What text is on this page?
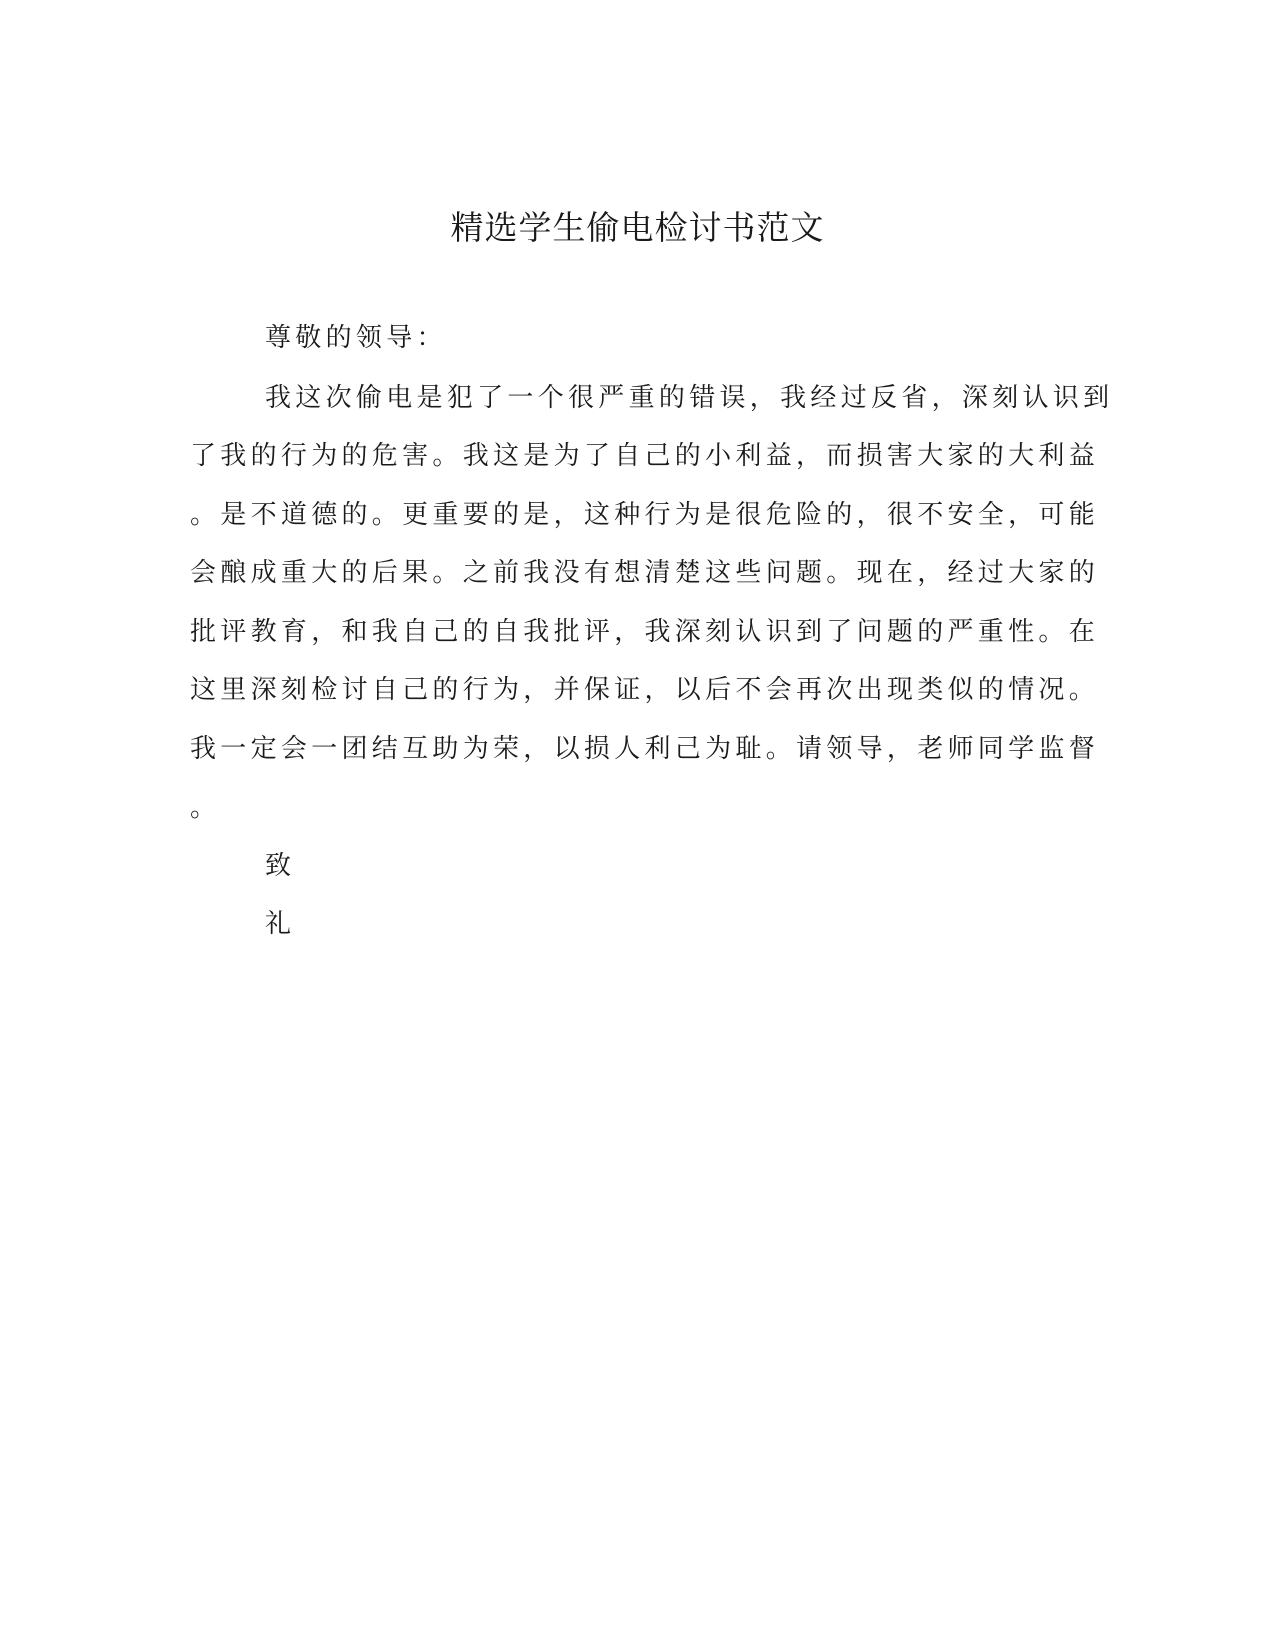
精选学生偷电检讨书范文

尊敬的领导：

我这次偷电是犯了一个很严重的错误，我经过反省，深刻认识到

了我的行为的危害。我这是为了自己的小利益，而损害大家的大利益

。是不道德的。更重要的是，这种行为是很危险的，很不安全，可能

会酿成重大的后果。之前我没有想清楚这些问题。现在，经过大家的

批评教育，和我自己的自我批评，我深刻认识到了问题的严重性。在

这里深刻检讨自己的行为，并保证，以后不会再次出现类似的情况。

我一定会一团结互助为荣，以损人利己为耻。请领导，老师同学监督

。

致

礼
